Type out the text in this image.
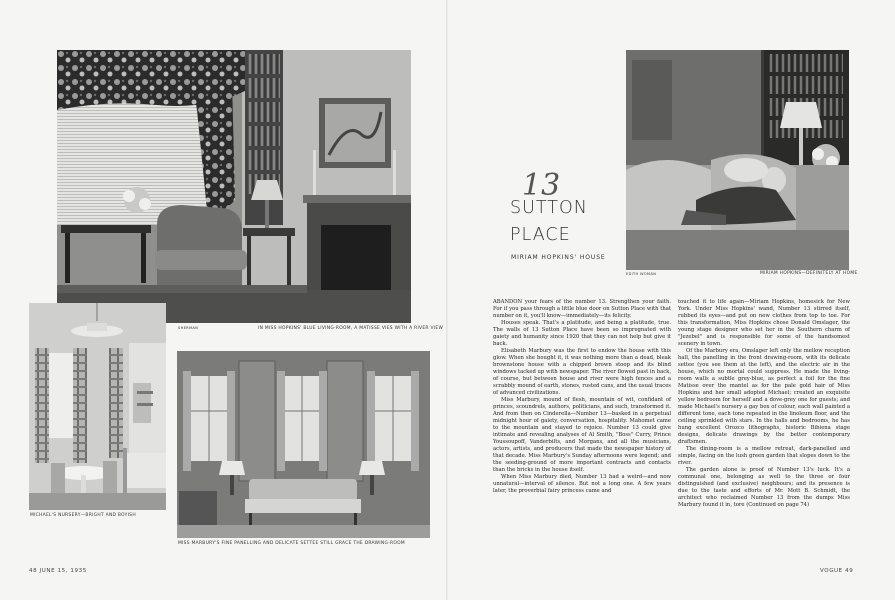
SHERMAN	IN MISS HOPKINS' BLUE LIVING-ROOM, A MATISSE VIES WITH A RIVER VIEW
MICHAEL'S NURSERY—BRIGHT AND BOYISH
MISS MARBURY'S FINE PANELLING AND DELICATE SETTEE STILL GRACE THE DRAWING-ROOM
48 JUNE 15, 1935
13
SUTTON
PLACE
MIRIAM HOPKINS' HOUSE
EDITH WOMAN	MIRIAM HOPKINS—DEFINITELY AT HOME

ABANDON your fears of the number 13. Strengthen your faith. For if you pass through a little blue door on Sutton Place with that number on it, you'll know—immediately—its felicity.

Houses speak. That's a platitude, and being a platitude, true. The walls of 13 Sutton Place have been so impregnated with gaiety and humanity since 1920 that they can not help but give it back.

Elisabeth Marbury was the first to endow the house with this glow. When she bought it, it was nothing more than a dead, bleak brownstone house with a chipped brown stoop and its blind windows tacked up with newspaper. The river flowed past in back, of course, but between house and river were high fences and a scrabbly mound of earth, stones, rusted cans, and the usual traces of advanced civilizations.

Miss Marbury, mound of flesh, mountain of wit, confidant of princes, scoundrels, authors, politicians, and such, transformed it. And from then on Cinderella—Number 13—basked in a perpetual midnight hour of gaiety, conversation, hospitality. Mahomet came to the mountain and stayed to rejoice. Number 13 could give intimate and revealing analyses of Al Smith, "Boss" Curry, Prince Youssoupoff, Vanderbilts, and Morgans, and all the musicians, actors, artists, and producers that made the newspaper history of that decade. Miss Marbury's Sunday afternoons were legend; and the seeding-ground of more important contracts and contacts than the bricks in the house itself.

When Miss Marbury died, Number 13 had a weird—and now unnatural—interval of silence. But not a long one. A few years later, the proverbial fairy princess came and

touched it to life again—Miriam Hopkins, homesick for New York. Under Miss Hopkins' wand, Number 13 stirred itself, rubbed its eyes—and put on new clothes from top to toe. For this transformation, Miss Hopkins chose Donald Omslager, the young stage designer who set her in the Southern charm of "Jezebel" and is responsible for some of the handsomest scenery in town.

Of the Marbury era, Omslager left only the mellow reception hall, the panelling in the front drawing-room, with its delicate settee (you see them at the left), and the electric air in the house, which no mortal could suppress. He made the living-room walls a subtle grey-blue, as perfect a foil for the fine Matisse over the mantel as for the pale gold hair of Miss Hopkins and her small adopted Michael; created an exquisite yellow bedroom for herself and a dove-grey one for guests; and made Michael's nursery a gay box of colour, each wall painted a different tone, each tone repeated in the linoleum floor, and the ceiling sprinkled with stars. In the halls and bedrooms, he has hung excellent Orozco lithographs, historic Bibiena stage designs, delicate drawings by the better contemporary draftsmen.

The dining-room is a mellow retreat, dark-panelled and simple, facing on the lush green garden that slopes down to the river.

The garden alone is proof of Number 13's luck. It's a communal one, belonging as well to the three or four distinguished (and exclusive) neighbours; and its presence is due to the taste and efforts of Mr. Mott B. Schmidt, the architect who reclaimed Number 13 from the dumps Miss Marbury found it in, tore (Continued on page 74)

VOGUE 49
